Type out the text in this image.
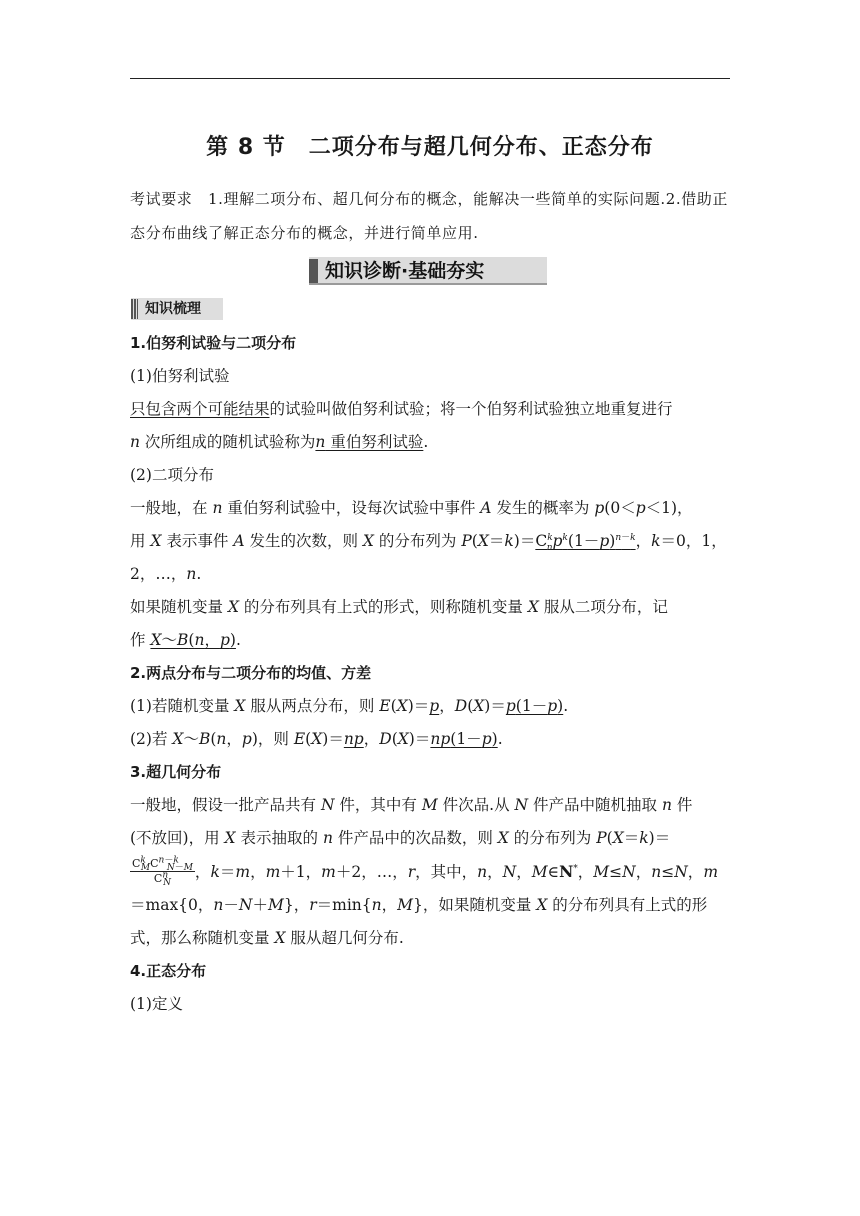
第 8 节　二项分布与超几何分布、正态分布
考试要求　1.理解二项分布、超几何分布的概念，能解决一些简单的实际问题.2.借助正态分布曲线了解正态分布的概念，并进行简单应用.
知识诊断·基础夯实
知识梳理

1.伯努利试验与二项分布

(1)伯努利试验

只包含两个可能结果的试验叫做伯努利试验；将一个伯努利试验独立地重复进行
n 次所组成的随机试验称为n 重伯努利试验.

(2)二项分布

一般地，在 n 重伯努利试验中，设每次试验中事件 A 发生的概率为 p(0＜p＜1)，
用 X 表示事件 A 发生的次数，则 X 的分布列为 $P(X=k)=C^k_np^k(1-p)^{n-k}$，k＝0，1，
2，…，n.

如果随机变量 X 的分布列具有上式的形式，则称随机变量 X 服从二项分布，记
作 X～B(n，p).

2.两点分布与二项分布的均值、方差

(1)若随机变量 X 服从两点分布，则 E(X)＝p，D(X)＝p(1－p).

(2)若 X～B(n，p)，则 E(X)＝np，D(X)＝np(1－p).

3.超几何分布

一般地，假设一批产品共有 N 件，其中有 M 件次品.从 N 件产品中随机抽取 n 件
(不放回)，用 X 表示抽取的 n 件产品中的次品数，则 X 的分布列为 P(X＝k)＝

$\frac{C^k_MC^{n-k}_{N-M}}{C^n_N}$ ，k＝m，m＋1，m＋2，…，r，其中，n，N，M∈N*，M≤N，n≤N，m
＝max{0，n－N＋M}，r＝min{n，M}，如果随机变量 X 的分布列具有上式的形
式，那么称随机变量 X 服从超几何分布.

4.正态分布

(1)定义
